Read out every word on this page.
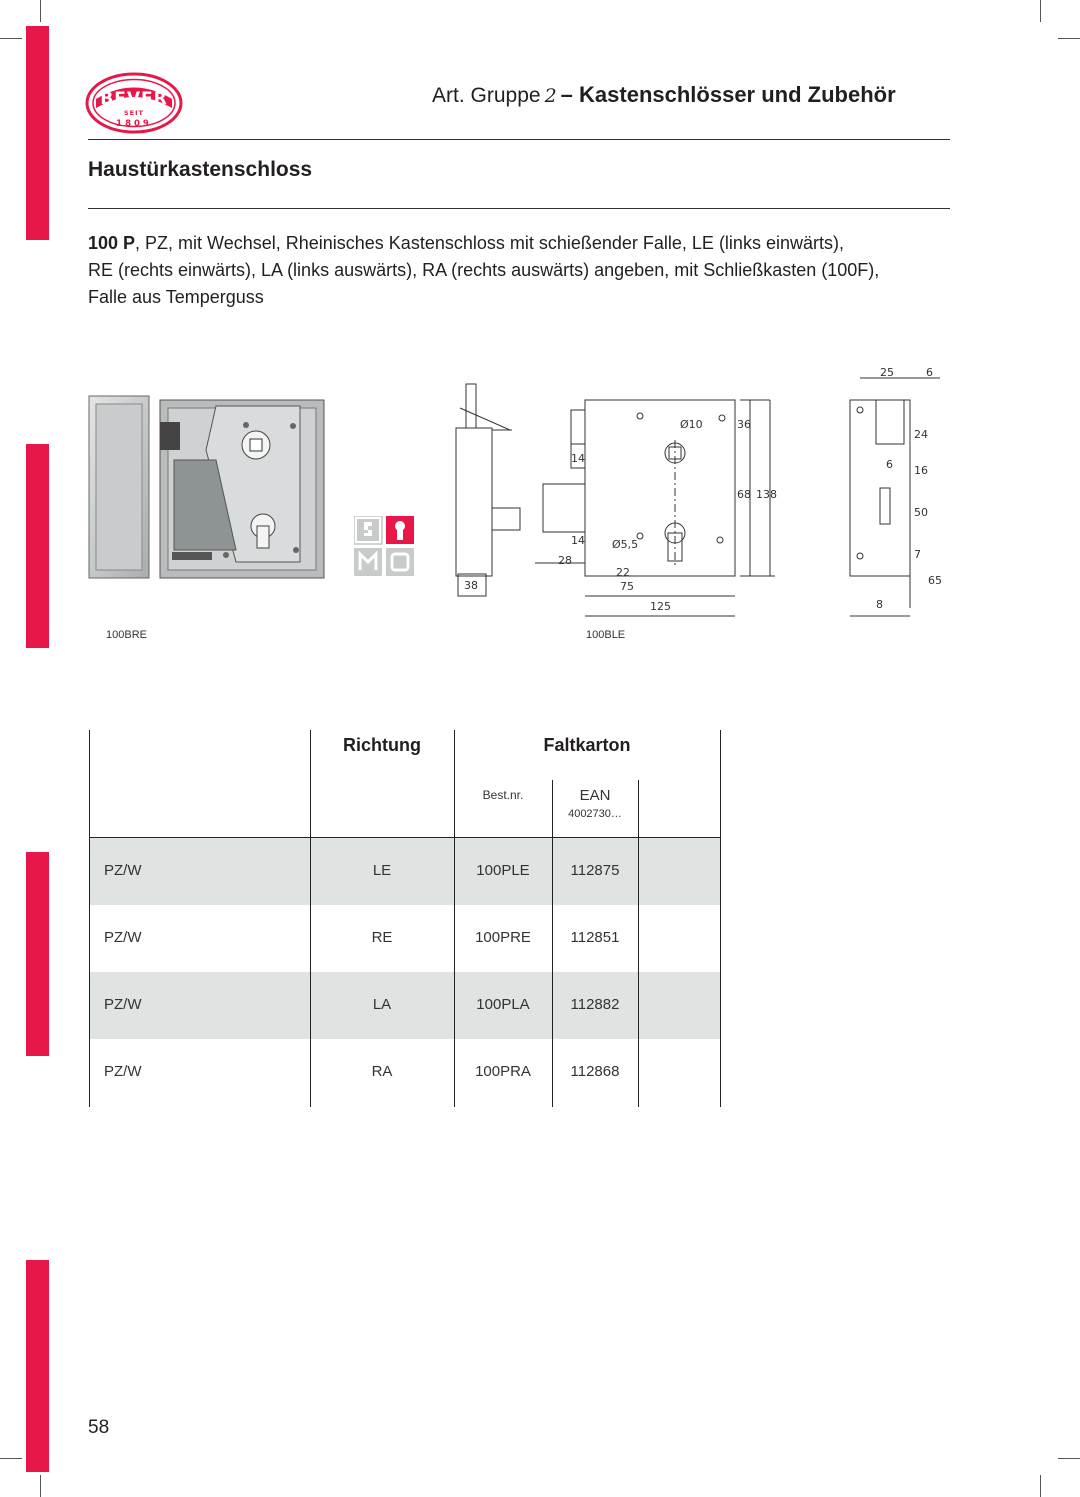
BEVER
SEIT
1809
Art. Gruppe 2 – Kastenschlösser und Zubehör
Haustürkastenschloss
100 P, PZ, mit Wechsel, Rheinisches Kastenschloss mit schießender Falle, LE (links einwärts),
RE (rechts einwärts), LA (links auswärts), RA (rechts auswärts) angeben, mit Schließkasten (100F),
Falle aus Temperguss
100BRE
38
Ø10	36
14
68 138
14 Ø5,5
28
75
125
25	6
24
6 16
50
7
65
8
22
100BLE
Richtung	Faltkarton
Best.nr.	EAN
4002730…
PZ/W	LE	100PLE	112875
PZ/W	RE	100PRE	112851
PZ/W	LA	100PLA	112882
PZ/W	RA	100PRA	112868
58
